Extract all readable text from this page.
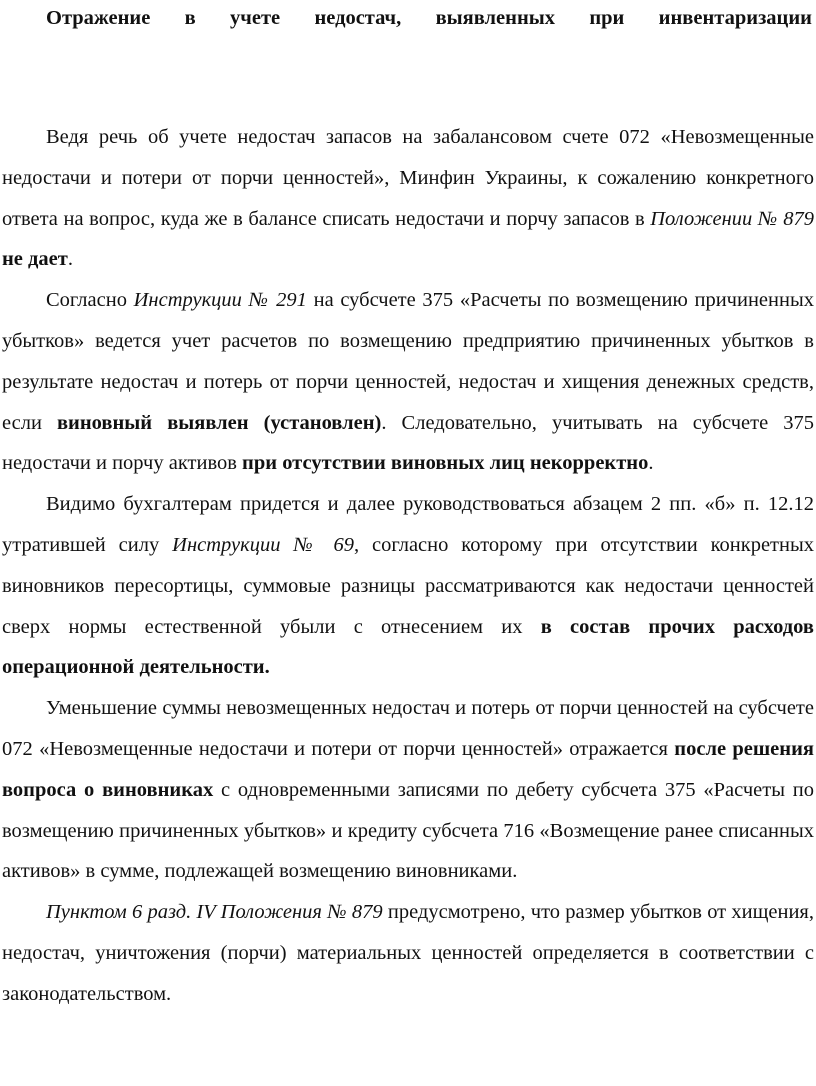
Отражение в учете недостач, выявленных при инвентаризации

Ведя речь об учете недостач запасов на забалансовом счете 072 «Невозмещенные недостачи и потери от порчи ценностей», Минфин Украины, к сожалению конкретного ответа на вопрос, куда же в балансе списать недостачи и порчу запасов в Положении № 879 не дает.

Согласно Инструкции № 291 на субсчете 375 «Расчеты по возмещению причиненных убытков» ведется учет расчетов по возмещению предприятию причиненных убытков в результате недостач и потерь от порчи ценностей, недостач и хищения денежных средств, если виновный выявлен (установлен). Следовательно, учитывать на субсчете 375 недостачи и порчу активов при отсутствии виновных лиц некорректно.

Видимо бухгалтерам придется и далее руководствоваться абзацем 2 пп. «б» п. 12.12 утратившей силу Инструкции № 69, согласно которому при отсутствии конкретных виновников пересортицы, суммовые разницы рассматриваются как недостачи ценностей сверх нормы естественной убыли с отнесением их в состав прочих расходов операционной деятельности.

Уменьшение суммы невозмещенных недостач и потерь от порчи ценностей на субсчете 072 «Невозмещенные недостачи и потери от порчи ценностей» отражается после решения вопроса о виновниках с одновременными записями по дебету субсчета 375 «Расчеты по возмещению причиненных убытков» и кредиту субсчета 716 «Возмещение ранее списанных активов» в сумме, подлежащей возмещению виновниками.

Пунктом 6 разд. IV Положения № 879 предусмотрено, что размер убытков от хищения, недостач, уничтожения (порчи) материальных ценностей определяется в соответствии с законодательством.
